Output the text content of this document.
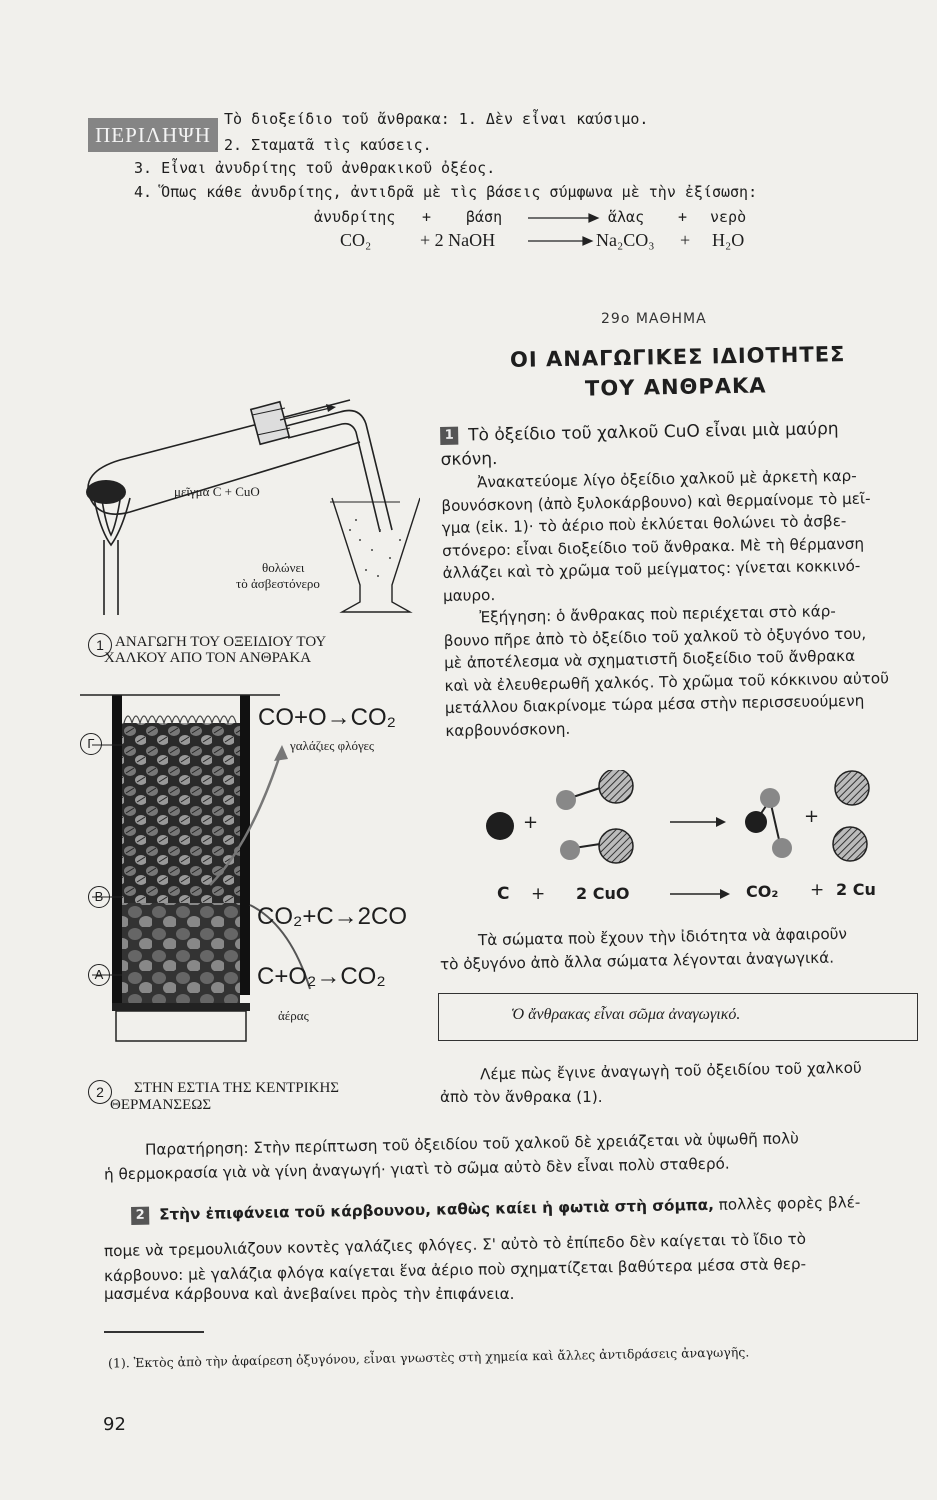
ΠΕΡΙΛΗΨΗ
Τὸ διοξείδιο τοῦ ἄνθρακα: 1. Δὲν εἶναι καύσιμο.
2. Σταματᾶ τὶς καύσεις.
3. Εἶναι ἀνυδρίτης τοῦ ἀνθρακικοῦ ὀξέος.
4. Ὅπως κάθε ἀνυδρίτης, ἀντιδρᾶ μὲ τὶς βάσεις σύμφωνα μὲ τὴν ἐξίσωση:
ἀνυδρίτης + βάση	ἅλας + νερὸ
CO₂	+ 2 NaOH	Na₂CO₃ + H₂O
29ο ΜΑΘΗΜΑ
ΟΙ ΑΝΑΓΩΓΙΚΕΣ ΙΔΙΟΤΗΤΕΣ
ΤΟΥ ΑΝΘΡΑΚΑ
1 Τὸ ὀξείδιο τοῦ χαλκοῦ CuO εἶναι μιὰ μαύρη
σκόνη.
Ἀνακατεύομε λίγο ὀξείδιο χαλκοῦ μὲ ἀρκετὴ καρ-
βουνόσκονη (ἀπὸ ξυλοκάρβουνο) καὶ θερμαίνομε τὸ μεῖ-
γμα (εἰκ. 1)· τὸ ἀέριο ποὺ ἐκλύεται θολώνει τὸ ἀσβε-
στόνερο: εἶναι διοξείδιο τοῦ ἄνθρακα. Μὲ τὴ θέρμανση
ἀλλάζει καὶ τὸ χρῶμα τοῦ μείγματος: γίνεται κοκκινό-
μαυρο.
Ἐξήγηση: ὁ ἄνθρακας ποὺ περιέχεται στὸ κάρ-
βουνο πῆρε ἀπὸ τὸ ὀξείδιο τοῦ χαλκοῦ τὸ ὀξυγόνο του,
μὲ ἀποτέλεσμα νὰ σχηματιστῆ διοξείδιο τοῦ ἄνθρακα
καὶ νὰ ἐλευθερωθῆ χαλκός. Τὸ χρῶμα τοῦ κόκκινου αὐτοῦ
μετάλλου διακρίνομε τώρα μέσα στὴν περισσευούμενη
καρβουνόσκονη.
+	+
C + 2 CuO	CO₂ + 2 Cu
Τὰ σώματα ποὺ ἔχουν τὴν ἰδιότητα νὰ ἀφαιροῦν
τὸ ὀξυγόνο ἀπὸ ἄλλα σώματα λέγονται ἀναγωγικά.
Ὁ ἄνθρακας εἶναι σῶμα ἀναγωγικό.
Λέμε πὼς ἔγινε ἀναγωγὴ τοῦ ὀξειδίου τοῦ χαλκοῦ
ἀπὸ τὸν ἄνθρακα (1).
μεῖγμα C + CuO
θολώνει
τὸ ἀσβεστόνερο
1 ΑΝΑΓΩΓΗ ΤΟΥ ΟΞΕΙΔΙΟΥ ΤΟΥ
ΧΑΛΚΟΥ ΑΠΟ ΤΟΝ ΑΝΘΡΑΚΑ
CO+O→CO₂
γαλάζιες φλόγες
CO₂+C→2CO
C+O₂→CO₂
ἀέρας
Γ
Β
Α
2	ΣΤΗΝ ΕΣΤΙΑ ΤΗΣ ΚΕΝΤΡΙΚΗΣ
ΘΕΡΜΑΝΣΕΩΣ
Παρατήρηση: Στὴν περίπτωση τοῦ ὀξειδίου τοῦ χαλκοῦ δὲ χρειάζεται νὰ ὑψωθῆ πολὺ
ἡ θερμοκρασία γιὰ νὰ γίνη ἀναγωγή· γιατὶ τὸ σῶμα αὐτὸ δὲν εἶναι πολὺ σταθερό.
2 Στὴν ἐπιφάνεια τοῦ κάρβουνου, καθὼς καίει ἡ φωτιὰ στὴ σόμπα, πολλὲς φορὲς βλέ-
πομε νὰ τρεμουλιάζουν κοντὲς γαλάζιες φλόγες. Σ' αὐτὸ τὸ ἐπίπεδο δὲν καίγεται τὸ ἴδιο τὸ
κάρβουνο: μὲ γαλάζια φλόγα καίγεται ἕνα ἀέριο ποὺ σχηματίζεται βαθύτερα μέσα στὰ θερ-
μασμένα κάρβουνα καὶ ἀνεβαίνει πρὸς τὴν ἐπιφάνεια.
(1). Ἐκτὸς ἀπὸ τὴν ἀφαίρεση ὀξυγόνου, εἶναι γνωστὲς στὴ χημεία καὶ ἄλλες ἀντιδράσεις ἀναγωγῆς.
92
